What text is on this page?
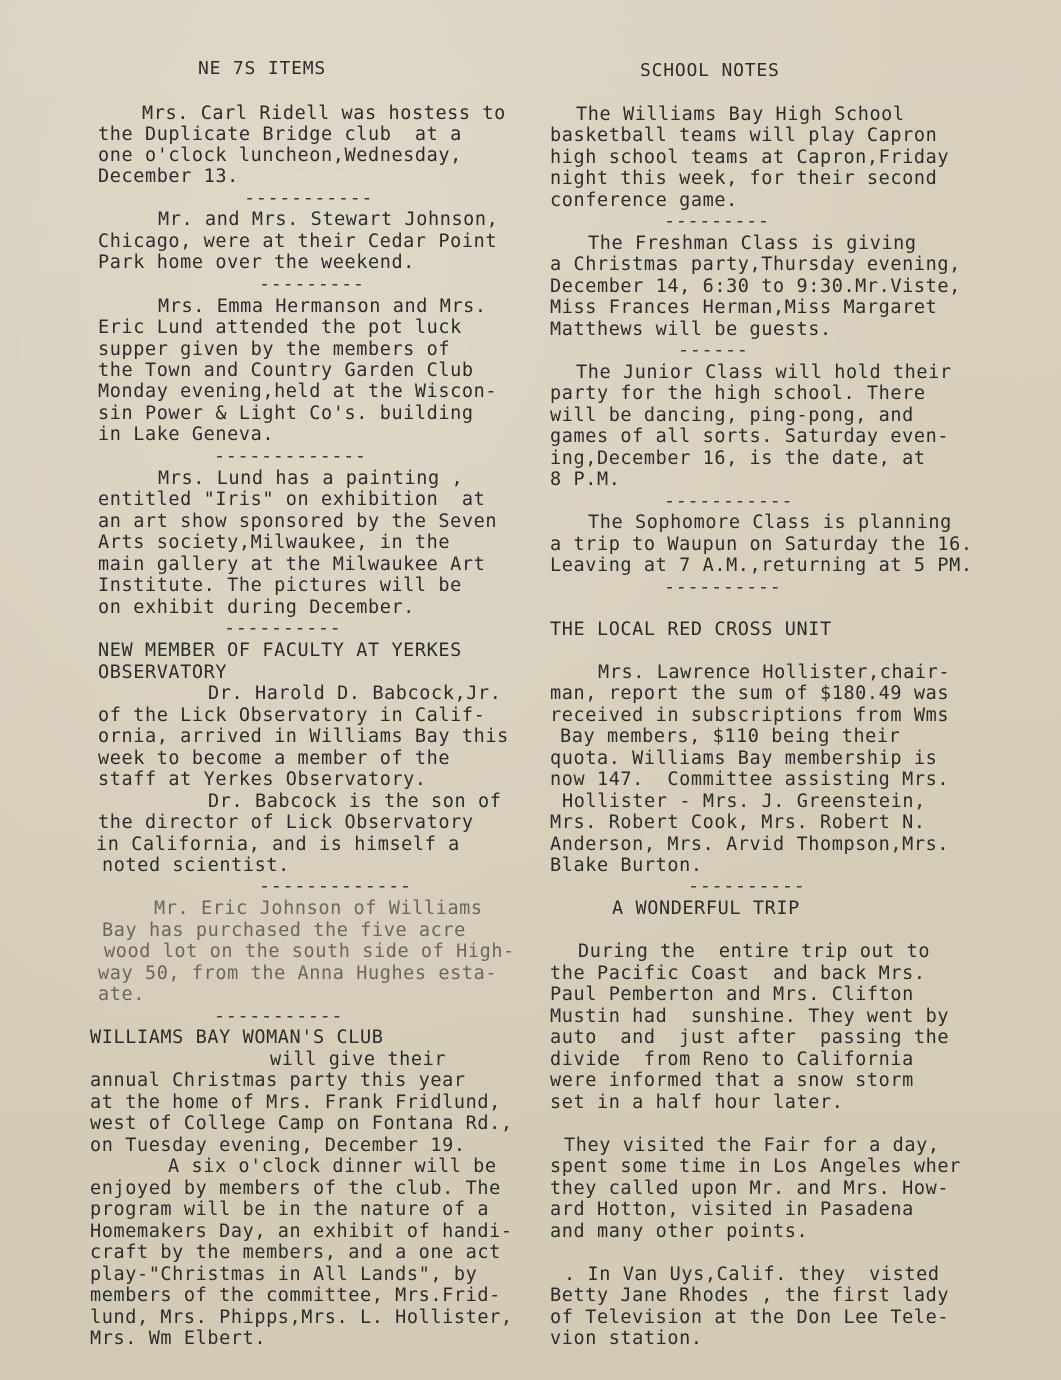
NE 7S ITEMS
Mrs. Carl Ridell was hostess to
the Duplicate Bridge club  at a
one o'clock luncheon,Wednesday,
December 13.
-----------
Mr. and Mrs. Stewart Johnson,
Chicago, were at their Cedar Point
Park home over the weekend.
---------
Mrs. Emma Hermanson and Mrs.
Eric Lund attended the pot luck
supper given by the members of
the Town and Country Garden Club
Monday evening,held at the Wiscon-
sin Power & Light Co's. building
in Lake Geneva.
-------------
Mrs. Lund has a painting ,
entitled "Iris" on exhibition  at
an art show sponsored by the Seven
Arts society,Milwaukee, in the
main gallery at the Milwaukee Art
Institute. The pictures will be
on exhibit during December.
----------
NEW MEMBER OF FACULTY AT YERKES
OBSERVATORY
Dr. Harold D. Babcock,Jr.
of the Lick Observatory in Calif-
ornia, arrived in Williams Bay this
week to become a member of the
staff at Yerkes Observatory.
Dr. Babcock is the son of
the director of Lick Observatory
in California, and is himself a
noted scientist.
-------------
Mr. Eric Johnson of Williams
Bay has purchased the five acre
wood lot on the south side of High-
way 50, from the Anna Hughes esta-
ate.
-----------
WILLIAMS BAY WOMAN'S CLUB
will give their
annual Christmas party this year
at the home of Mrs. Frank Fridlund,
west of College Camp on Fontana Rd.,
on Tuesday evening, December 19.
A six o'clock dinner will be
enjoyed by members of the club. The
program will be in the nature of a
Homemakers Day, an exhibit of handi-
craft by the members, and a one act
play-"Christmas in All Lands", by
members of the committee, Mrs.Frid-
lund, Mrs. Phipps,Mrs. L. Hollister,
Mrs. Wm Elbert.
SCHOOL NOTES
The Williams Bay High School
basketball teams will play Capron
high school teams at Capron,Friday
night this week, for their second
conference game.
---------
The Freshman Class is giving
a Christmas party,Thursday evening,
December 14, 6:30 to 9:30.Mr.Viste,
Miss Frances Herman,Miss Margaret
Matthews will be guests.
------
The Junior Class will hold their
party for the high school. There
will be dancing, ping-pong, and
games of all sorts. Saturday even-
ing,December 16, is the date, at
8 P.M.
-----------
The Sophomore Class is planning
a trip to Waupun on Saturday the 16.
Leaving at 7 A.M.,returning at 5 PM.
----------
THE LOCAL RED CROSS UNIT
Mrs. Lawrence Hollister,chair-
man, report the sum of $180.49 was
received in subscriptions from Wms
Bay members, $110 being their
quota. Williams Bay membership is
now 147.  Committee assisting Mrs.
Hollister - Mrs. J. Greenstein,
Mrs. Robert Cook, Mrs. Robert N.
Anderson, Mrs. Arvid Thompson,Mrs.
Blake Burton.
----------
A WONDERFUL TRIP
During the  entire trip out to
the Pacific Coast  and back Mrs.
Paul Pemberton and Mrs. Clifton
Mustin had  sunshine. They went by
auto  and  just after  passing the
divide  from Reno to California
were informed that a snow storm
set in a half hour later.
They visited the Fair for a day,
spent some time in Los Angeles wher
they called upon Mr. and Mrs. How-
ard Hotton, visited in Pasadena
and many other points.
. In Van Uys,Calif. they  visted
Betty Jane Rhodes , the first lady
of Television at the Don Lee Tele-
vion station.
